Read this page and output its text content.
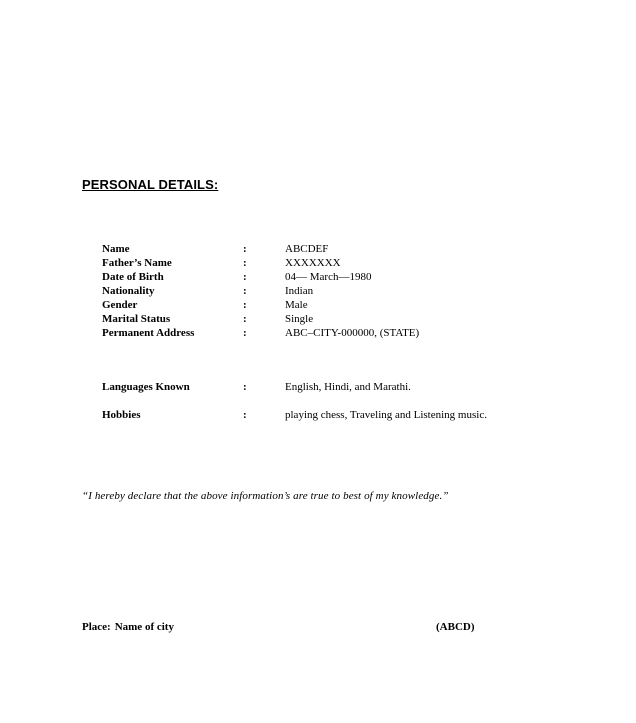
PERSONAL DETAILS:
Name	:	ABCDEF
Father’s Name	:	XXXXXXX
Date of Birth	:	04— March—1980
Nationality	:	Indian
Gender	:	Male
Marital Status	:	Single
Permanent Address	:	ABC–CITY-000000, (STATE)
Languages Known	:	English, Hindi, and Marathi.
Hobbies	:	playing chess, Traveling and Listening music.
“I hereby declare that the above information’s are true to best of my knowledge.”
Place: Name of city	(ABCD)
